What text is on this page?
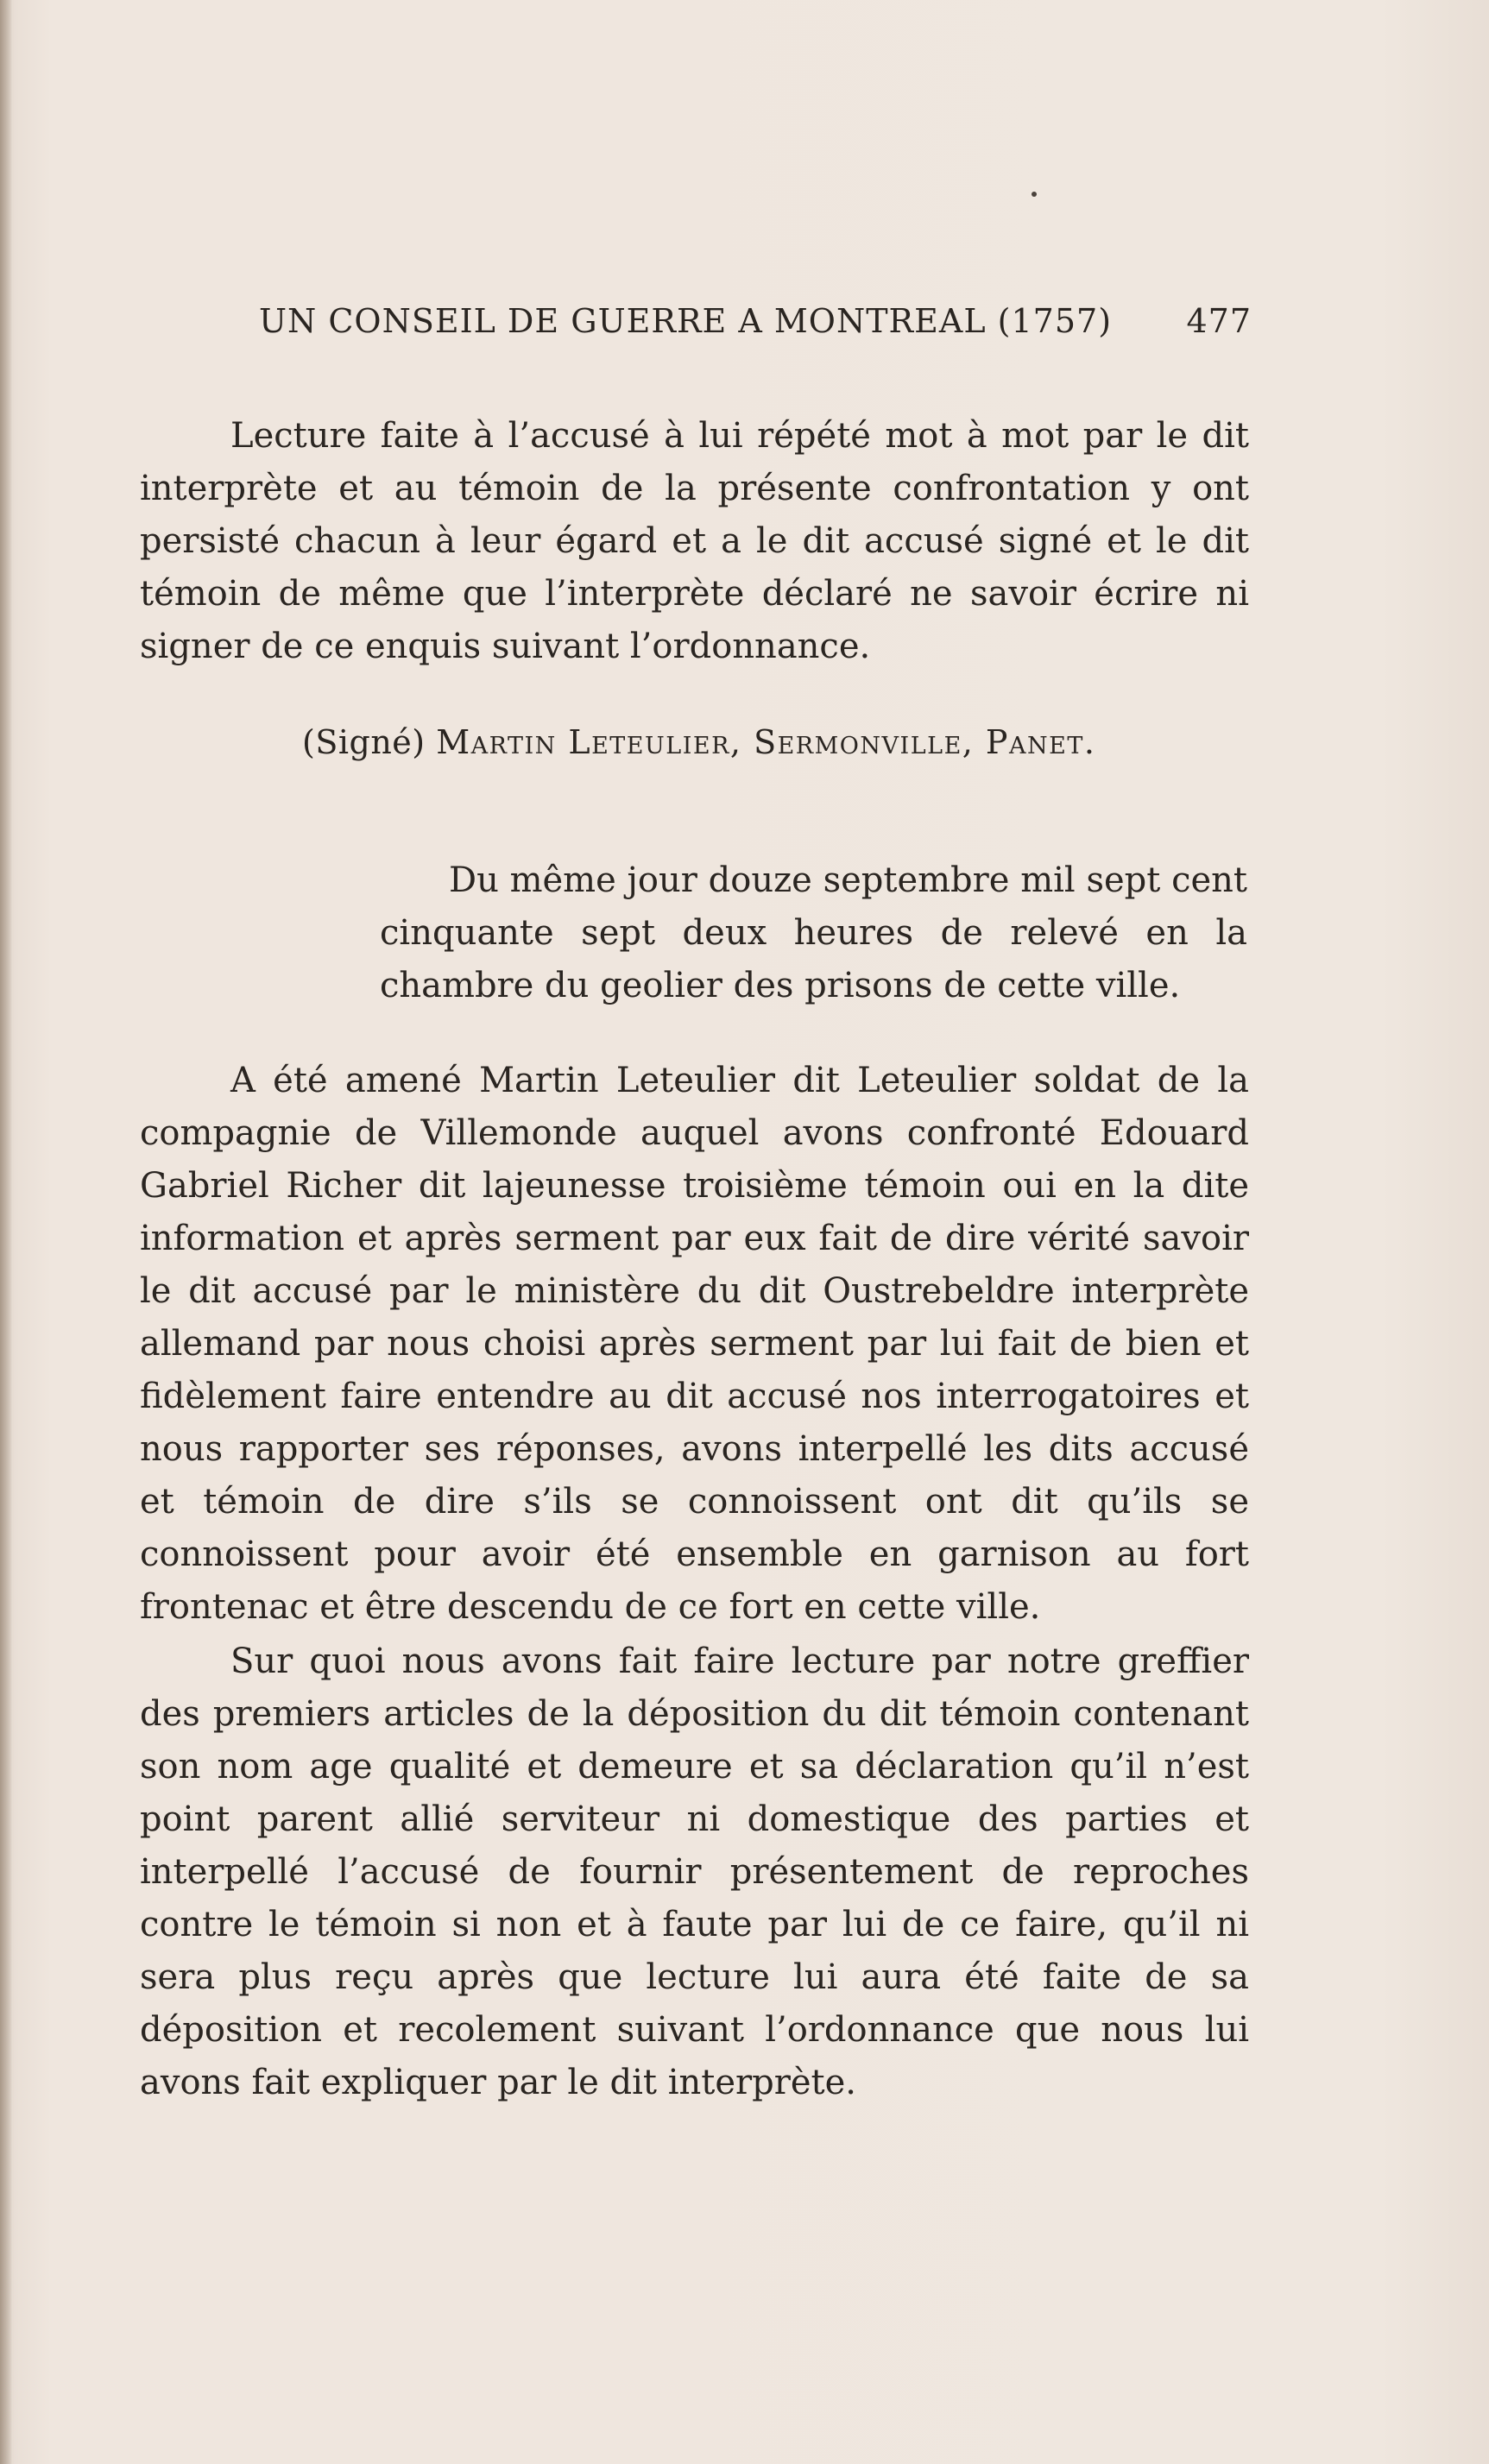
UN CONSEIL DE GUERRE A MONTREAL (1757) 477

Lecture faite à l’accusé à lui répété mot à mot par le dit interprète et au témoin de la présente confrontation y ont persisté chacun à leur égard et a le dit accusé signé et le dit témoin de même que l’interprète déclaré ne savoir écrire ni signer de ce enquis suivant l’ordonnance.

(Signé) Martin Leteulier, Sermonville, Panet.

Du même jour douze septembre mil sept cent cinquante sept deux heures de relevé en la chambre du geolier des prisons de cette ville.

A été amené Martin Leteulier dit Leteulier soldat de la compagnie de Villemonde auquel avons confronté Edouard Gabriel Richer dit lajeunesse troisième témoin oui en la dite information et après serment par eux fait de dire vérité savoir le dit accusé par le ministère du dit Oustrebeldre interprète allemand par nous choisi après serment par lui fait de bien et fidèlement faire entendre au dit accusé nos interrogatoires et nous rapporter ses réponses, avons interpellé les dits accusé et témoin de dire s’ils se connoissent ont dit qu’ils se connoissent pour avoir été ensemble en garnison au fort frontenac et être descendu de ce fort en cette ville.

Sur quoi nous avons fait faire lecture par notre greffier des premiers articles de la déposition du dit témoin contenant son nom age qualité et demeure et sa déclaration qu’il n’est point parent allié serviteur ni domestique des parties et interpellé l’accusé de fournir présentement de reproches contre le témoin si non et à faute par lui de ce faire, qu’il ni sera plus reçu après que lecture lui aura été faite de sa déposition et recolement suivant l’ordonnance que nous lui avons fait expliquer par le dit interprète.
